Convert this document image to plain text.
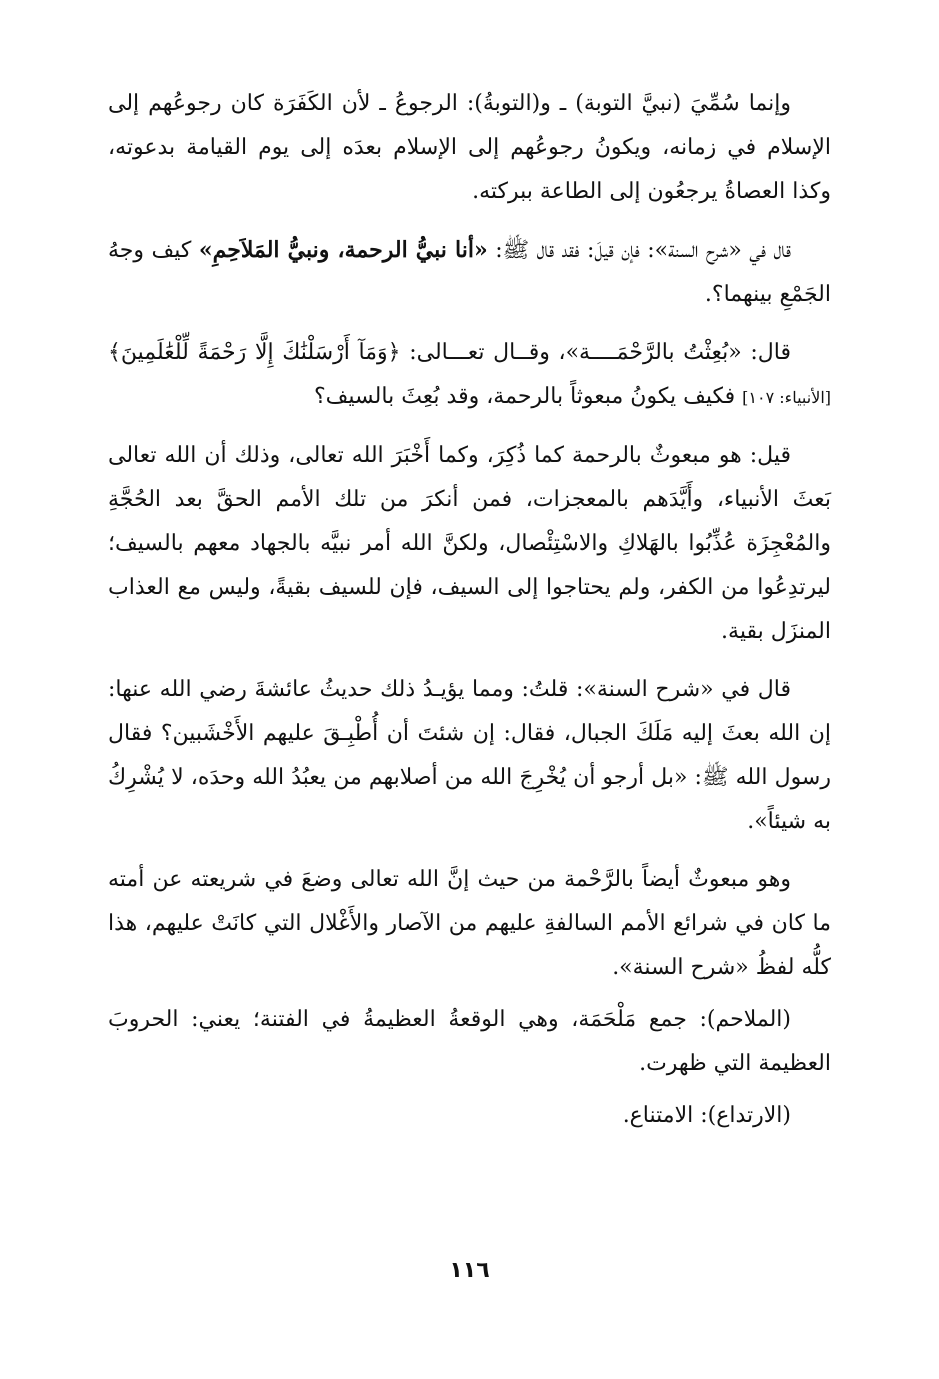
وإنما سُمِّيَ (نبيَّ التوبة) ـ و(التوبةُ): الرجوعُ ـ لأن الكَفَرَة كان رجوعُهم إلى الإسلام في زمانه، ويكونُ رجوعُهم إلى الإسلام بعدَه إلى يوم القيامة بدعوته، وكذا العصاةُ يرجعُون إلى الطاعة ببركته.

قال في «شرح السنة»: فإن قيلَ: فقد قال ﷺ: «أنا نبيُّ الرحمة، ونبيُّ المَلاَحِمِ» كيف وجهُ الجَمْعِ بينهما؟.

قال: «بُعِثْتُ بالرَّحْمَــــة»، وقــال تعـــالى: ﴿وَمَآ أَرْسَلْنَٰكَ إِلَّا رَحْمَةً لِّلْعَٰلَمِينَ﴾[الأنبياء: ١٠٧] فكيف يكونُ مبعوثاً بالرحمة، وقد بُعِثَ بالسيف؟

قيل: هو مبعوثٌ بالرحمة كما ذُكِرَ، وكما أَخْبَرَ الله تعالى، وذلك أن الله تعالى بَعثَ الأنبياء، وأَيَّدَهم بالمعجزات، فمن أنكرَ من تلك الأمم الحقَّ بعد الحُجَّةِ والمُعْجِزَة عُذِّبُوا بالهَلاكِ والاسْتِئْصال، ولكنَّ الله أمر نبيَّه بالجهاد معهم بالسيف؛ ليرتدِعُوا من الكفر، ولم يحتاجوا إلى السيف، فإن للسيف بقيةً، وليس مع العذاب المنزَل بقية.

قال في «شرح السنة»: قلتُ: ومما يؤيـدُ ذلك حديثُ عائشةَ رضي الله عنها: إن الله بعثَ إليه مَلَكَ الجبال، فقال: إن شئتَ أن أُطْبِـقَ عليهم الأَخْشَبين؟ فقال رسول الله ﷺ: «بل أرجو أن يُخْرِجَ الله من أصلابهم من يعبُدُ الله وحدَه، لا يُشْرِكُ به شيئاً».

وهو مبعوثٌ أيضاً بالرَّحْمة من حيث إنَّ الله تعالى وضعَ في شريعته عن أمته ما كان في شرائع الأمم السالفةِ عليهم من الآصار والأَغْلال التي كانَتْ عليهم، هذا كلُّه لفظُ «شرح السنة».

(الملاحم): جمع مَلْحَمَة، وهي الوقعةُ العظيمةُ في الفتنة؛ يعني: الحروبَ العظيمة التي ظهرت.

(الارتداع): الامتناع.

١١٦
